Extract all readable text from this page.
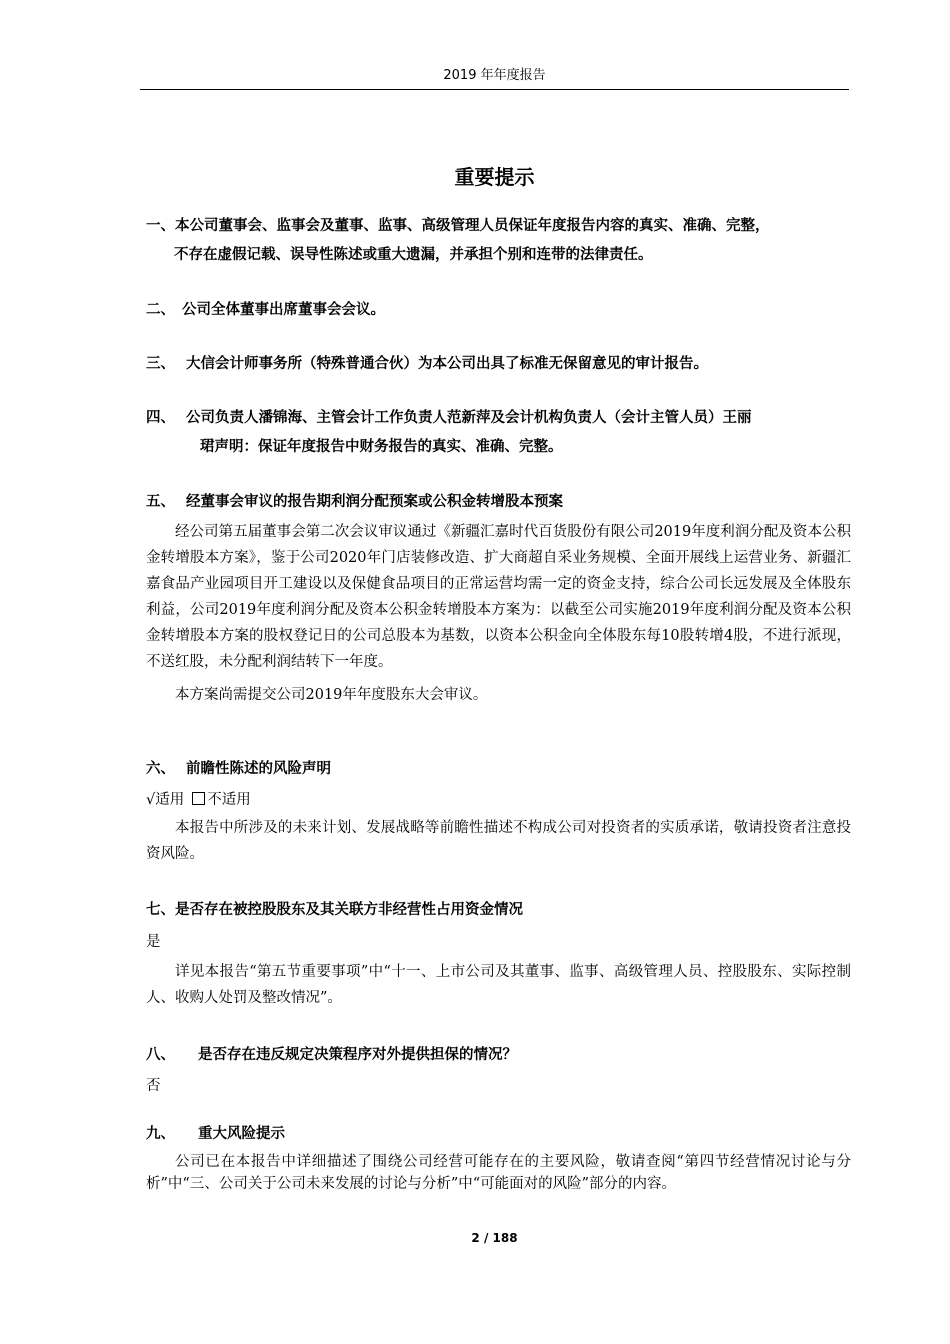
2019 年年度报告
重要提示
一、本公司董事会、监事会及董事、监事、高级管理人员保证年度报告内容的真实、准确、完整，
不存在虚假记载、误导性陈述或重大遗漏，并承担个别和连带的法律责任。
二、 公司全体董事出席董事会会议。
三、 大信会计师事务所（特殊普通合伙）为本公司出具了标准无保留意见的审计报告。
四、 公司负责人潘锦海、主管会计工作负责人范新萍及会计机构负责人（会计主管人员）王丽
珺声明：保证年度报告中财务报告的真实、准确、完整。
五、 经董事会审议的报告期利润分配预案或公积金转增股本预案
经公司第五届董事会第二次会议审议通过《新疆汇嘉时代百货股份有限公司2019年度利润分配及资本公积金转增股本方案》，鉴于公司2020年门店装修改造、扩大商超自采业务规模、全面开展线上运营业务、新疆汇嘉食品产业园项目开工建设以及保健食品项目的正常运营均需一定的资金支持，综合公司长远发展及全体股东利益，公司2019年度利润分配及资本公积金转增股本方案为：以截至公司实施2019年度利润分配及资本公积金转增股本方案的股权登记日的公司总股本为基数，以资本公积金向全体股东每10股转增4股，不进行派现，不送红股，未分配利润结转下一年度。
本方案尚需提交公司2019年年度股东大会审议。
六、 前瞻性陈述的风险声明
√适用 不适用
本报告中所涉及的未来计划、发展战略等前瞻性描述不构成公司对投资者的实质承诺，敬请投资者注意投资风险。
七、是否存在被控股股东及其关联方非经营性占用资金情况
是
详见本报告“第五节重要事项”中“十一、上市公司及其董事、监事、高级管理人员、控股股东、实际控制人、收购人处罚及整改情况”。
八、 是否存在违反规定决策程序对外提供担保的情况？
否
九、 重大风险提示
公司已在本报告中详细描述了围绕公司经营可能存在的主要风险，敬请查阅“第四节经营情况讨论与分析”中“三、公司关于公司未来发展的讨论与分析”中“可能面对的风险”部分的内容。
2 / 188
